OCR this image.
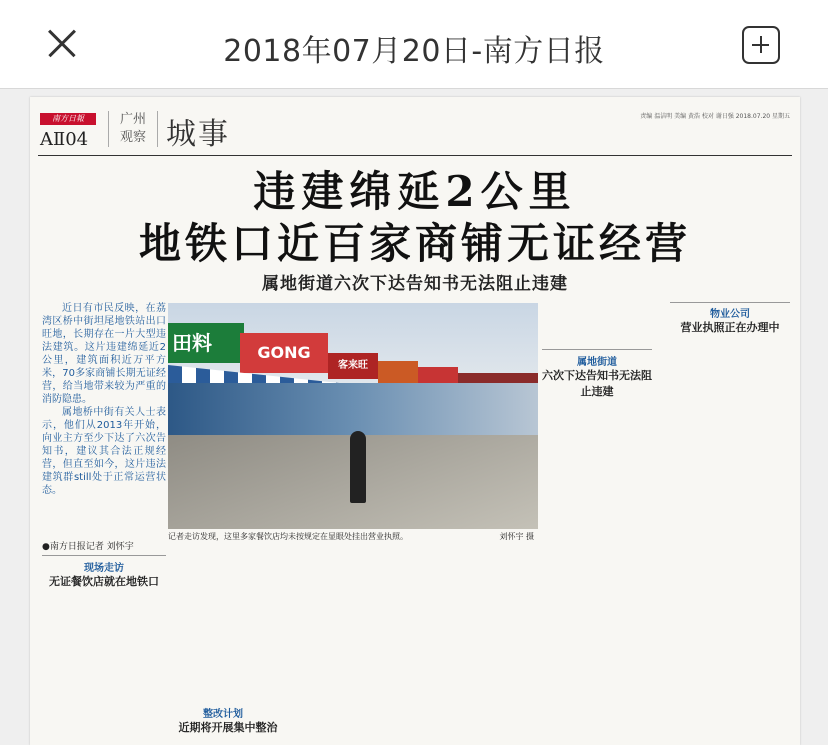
2018年07月20日-南方日报
南方日報
AⅡ04
广州
观察 城事
责编 温洁明 美编 黄浩 校对 谢日强 2018.07.20 星期五
违建绵延2公里
地铁口近百家商铺无证经营
属地街道六次下达告知书无法阻止违建

近日有市民反映，在荔湾区桥中街坦尾地铁站出口旺地，长期存在一片大型违法建筑。这片违建绵延近2公里，建筑面积近万平方米，70多家商铺长期无证经营，给当地带来较为严重的消防隐患。

属地桥中街有关人士表示，他们从2013年开始，向业主方至少下达了六次告知书，建议其合法正规经营，但直至如今，这片违法建筑群still处于正常运营状态。

●南方日报记者 刘怀宇
田料	GONG
客来旺
记者走访发现，这里多家餐饮店均未按规定在显眼处挂出营业执照。	刘怀宇 摄
现场走访
无证餐饮店就在地铁口
属地街道
六次下达告知书无法阻止违建
物业公司
营业执照正在办理中
整改计划
近期将开展集中整治
